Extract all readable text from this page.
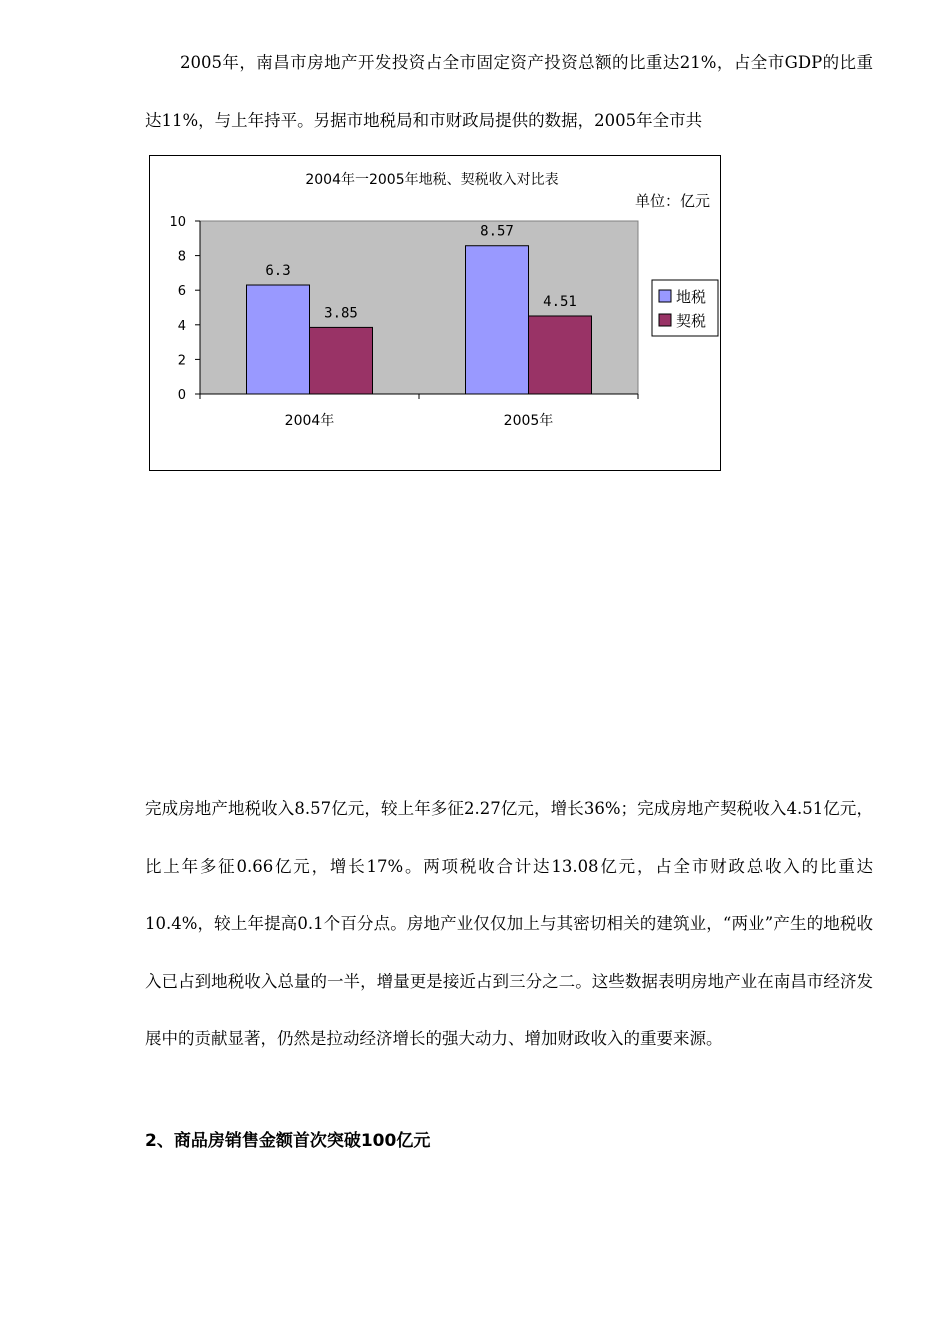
2005年，南昌市房地产开发投资占全市固定资产投资总额的比重达21%，占全市GDP的比重达11%，与上年持平。另据市地税局和市财政局提供的数据，2005年全市共

2004年一2005年地税、契税收入对比表
单位：亿元
0
2
4
6
8
10
2004年	2005年
6.3
8.57
3.85
4.51	地税
契税

完成房地产地税收入8.57亿元，较上年多征2.27亿元，增长36%；完成房地产契税收入4.51亿元，比上年多征0.66亿元，增长17%。两项税收合计达13.08亿元，占全市财政总收入的比重达10.4%，较上年提高0.1个百分点。房地产业仅仅加上与其密切相关的建筑业，“两业”产生的地税收入已占到地税收入总量的一半，增量更是接近占到三分之二。这些数据表明房地产业在南昌市经济发展中的贡献显著，仍然是拉动经济增长的强大动力、增加财政收入的重要来源。

2、商品房销售金额首次突破100亿元
